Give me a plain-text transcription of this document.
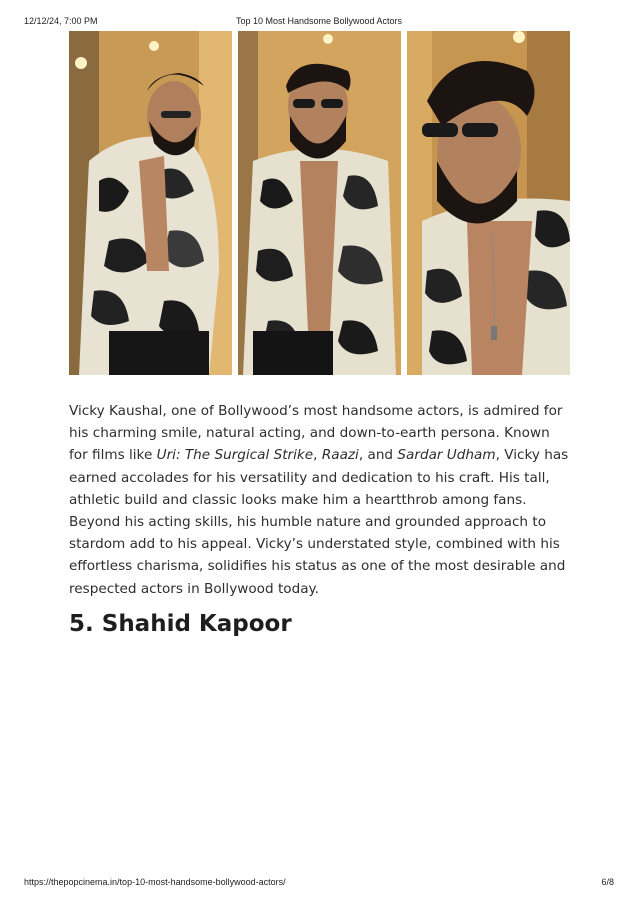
12/12/24, 7:00 PM	Top 10 Most Handsome Bollywood Actors

Vicky Kaushal, one of Bollywood’s most handsome actors, is admired for his charming smile, natural acting, and down-to-earth persona. Known for films like Uri: The Surgical Strike, Raazi, and Sardar Udham, Vicky has earned accolades for his versatility and dedication to his craft. His tall, athletic build and classic looks make him a heartthrob among fans. Beyond his acting skills, his humble nature and grounded approach to stardom add to his appeal. Vicky’s understated style, combined with his effortless charisma, solidifies his status as one of the most desirable and respected actors in Bollywood today.

5. Shahid Kapoor
https://thepopcinema.in/top-10-most-handsome-bollywood-actors/	6/8
